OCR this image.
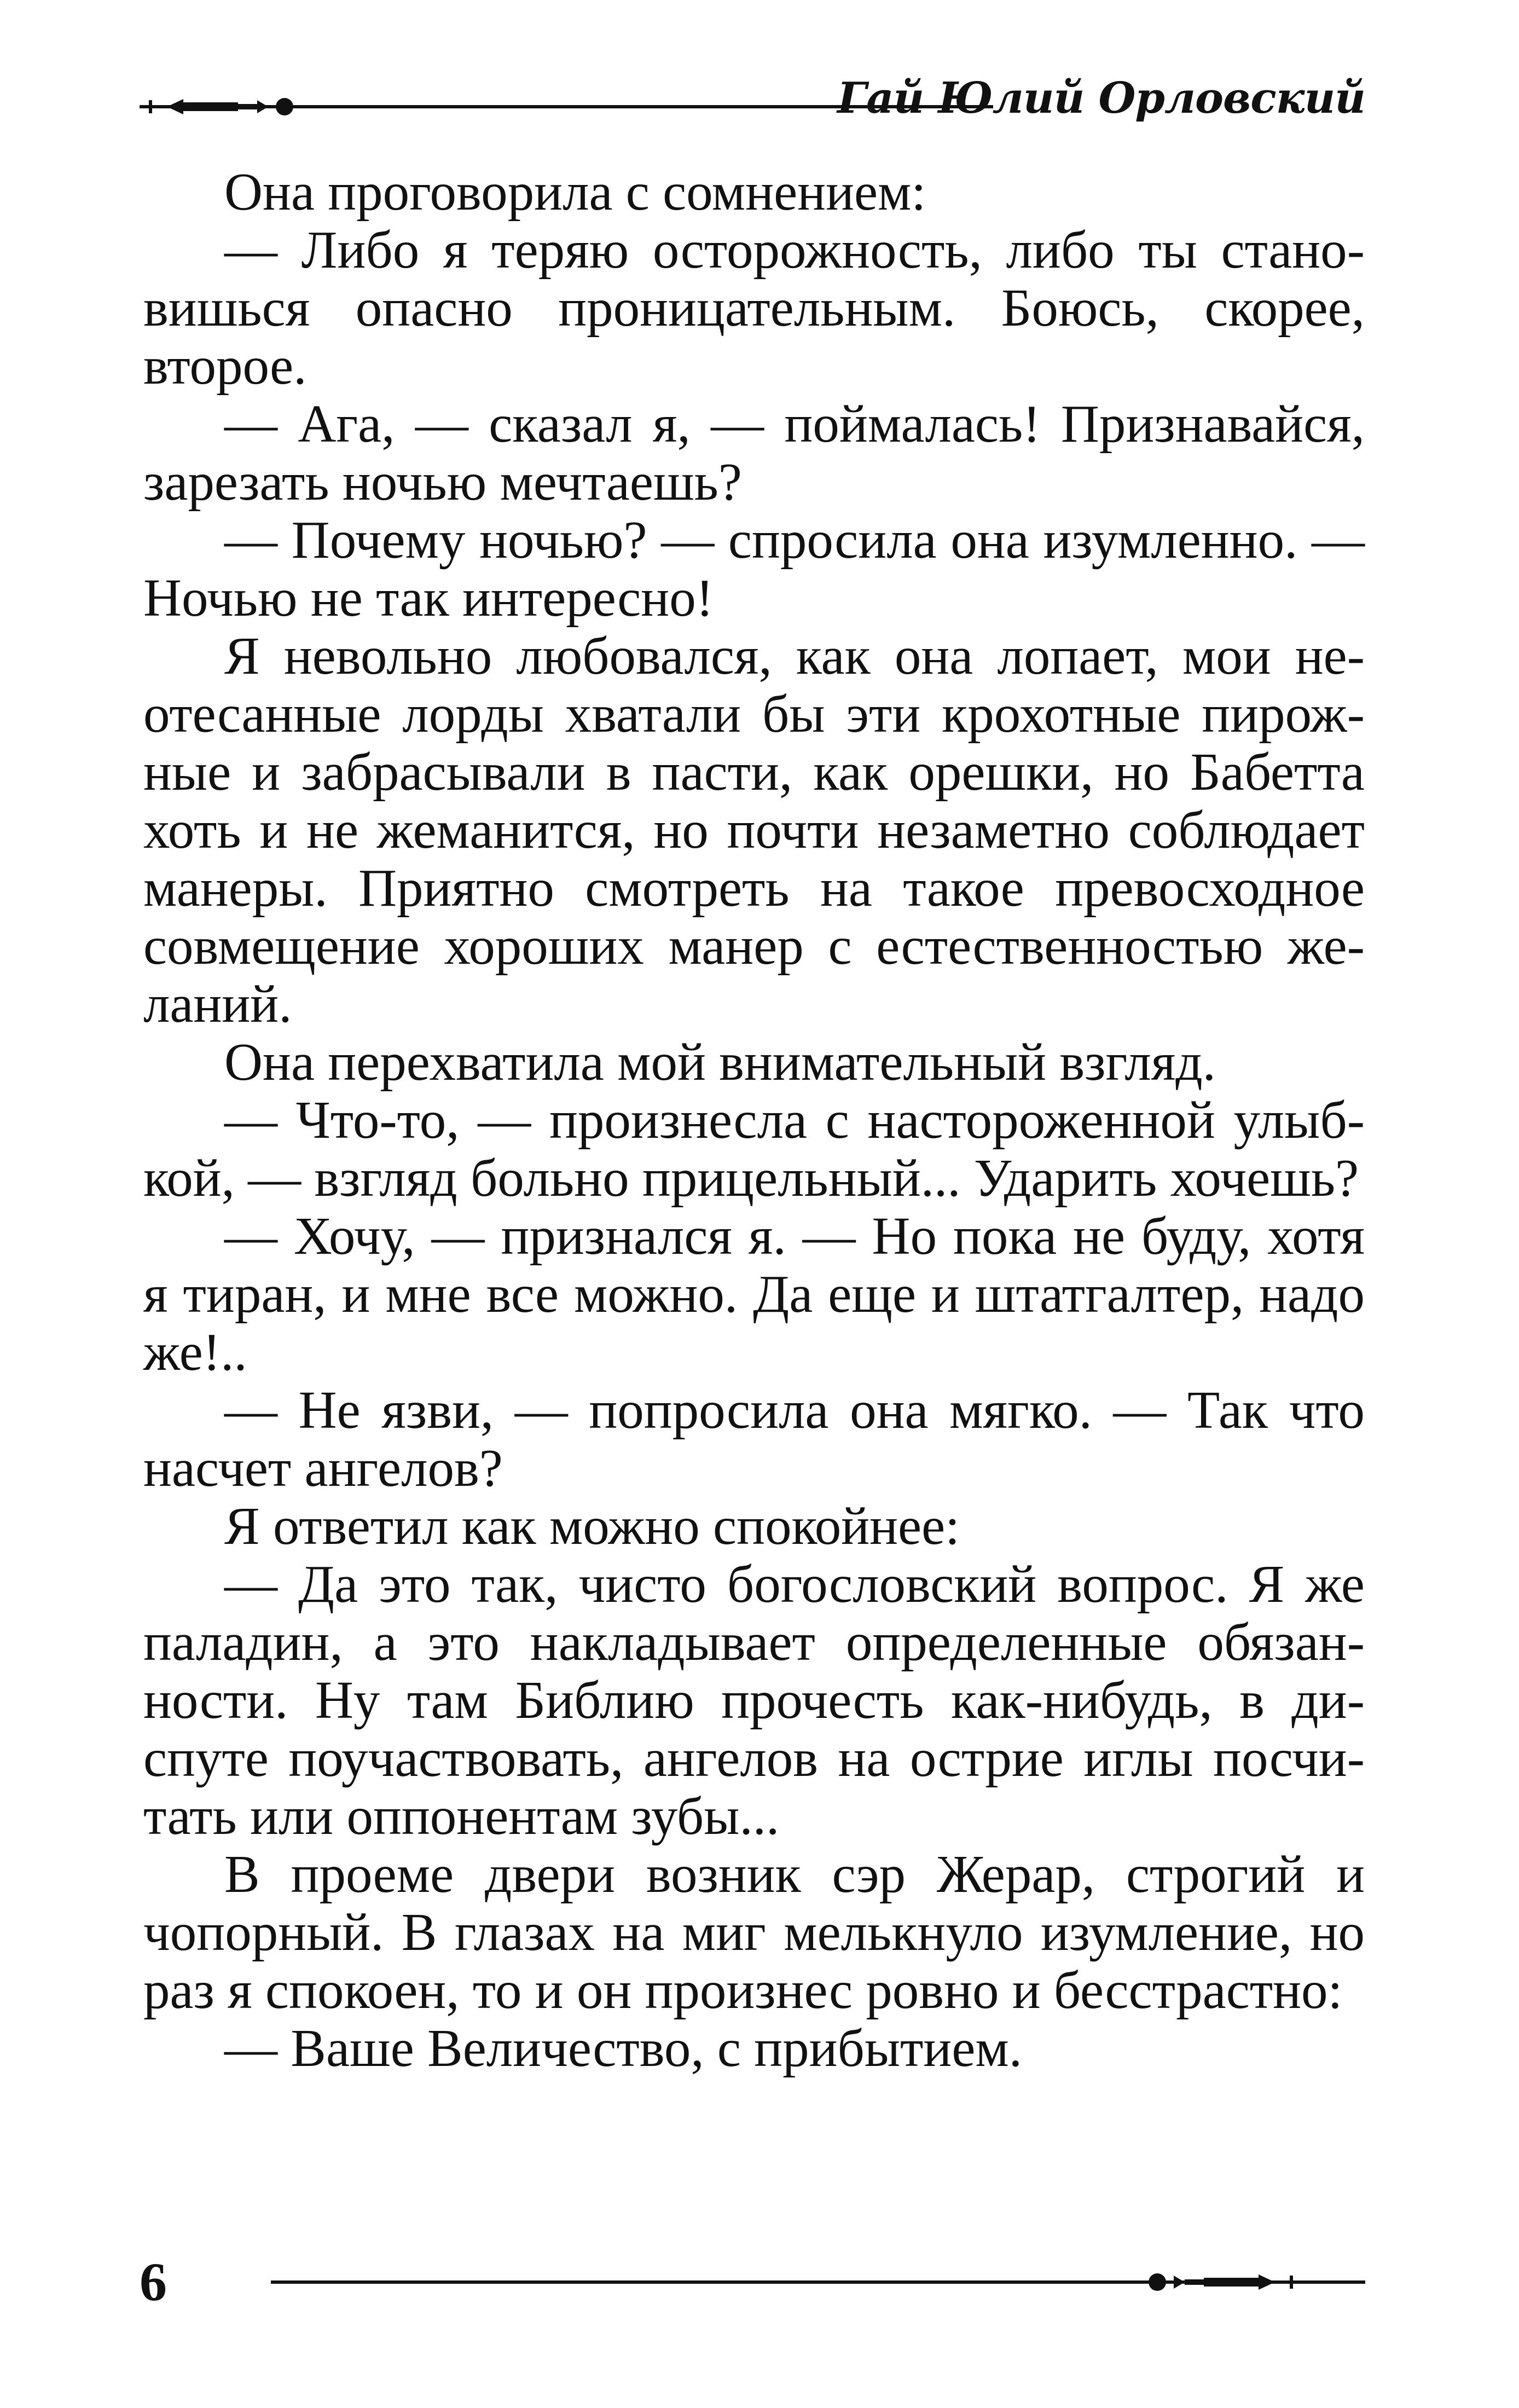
Гай Юлий Орловский

Она проговорила с сомнением:

— Либо я теряю осторожность, либо ты становишься опасно проницательным. Боюсь, скорее, второе.

— Ага, — сказал я, — поймалась! Признавайся, зарезать ночью мечтаешь?

— Почему ночью? — спросила она изумленно. — Ночью не так интересно!

Я невольно любовался, как она лопает, мои неотесанные лорды хватали бы эти крохотные пирожные и забрасывали в пасти, как орешки, но Бабетта хоть и не жеманится, но почти незаметно соблюдает манеры. Приятно смотреть на такое превосходное совмещение хороших манер с естественностью желаний.

Она перехватила мой внимательный взгляд.

— Что-то, — произнесла с настороженной улыбкой, — взгляд больно прицельный... Ударить хочешь?

— Хочу, — признался я. — Но пока не буду, хотя я тиран, и мне все можно. Да еще и штатгалтер, надо же!..

— Не язви, — попросила она мягко. — Так что насчет ангелов?

Я ответил как можно спокойнее:

— Да это так, чисто богословский вопрос. Я же паладин, а это накладывает определенные обязанности. Ну там Библию прочесть как-нибудь, в диспуте поучаствовать, ангелов на острие иглы посчитать или оппонентам зубы...

В проеме двери возник сэр Жерар, строгий и чопорный. В глазах на миг мелькнуло изумление, но раз я спокоен, то и он произнес ровно и бесстрастно:

— Ваше Величество, с прибытием.

6
